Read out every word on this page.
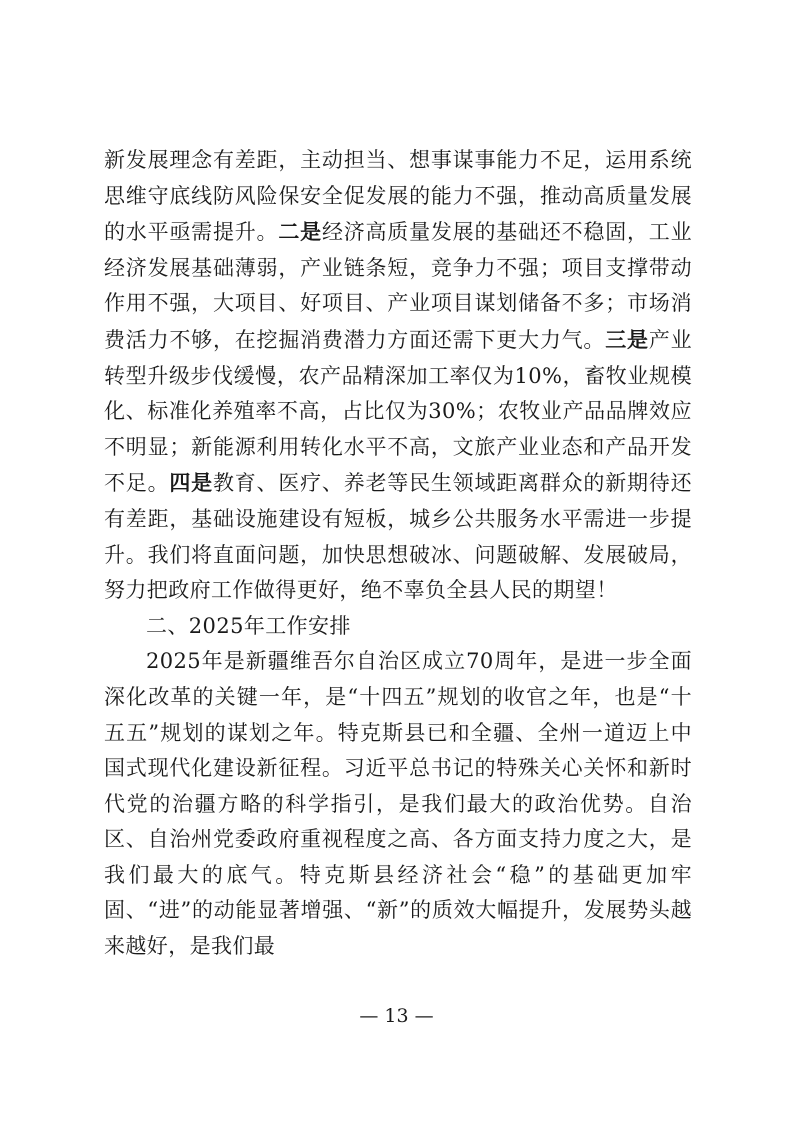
新发展理念有差距，主动担当、想事谋事能力不足，运用系统思维守底线防风险保安全促发展的能力不强，推动高质量发展的水平亟需提升。二是经济高质量发展的基础还不稳固，工业经济发展基础薄弱，产业链条短，竞争力不强；项目支撑带动作用不强，大项目、好项目、产业项目谋划储备不多；市场消费活力不够，在挖掘消费潜力方面还需下更大力气。三是产业转型升级步伐缓慢，农产品精深加工率仅为10%，畜牧业规模化、标准化养殖率不高，占比仅为30%；农牧业产品品牌效应不明显；新能源利用转化水平不高，文旅产业业态和产品开发不足。四是教育、医疗、养老等民生领域距离群众的新期待还有差距，基础设施建设有短板，城乡公共服务水平需进一步提升。我们将直面问题，加快思想破冰、问题破解、发展破局，努力把政府工作做得更好，绝不辜负全县人民的期望！

二、2025年工作安排

2025年是新疆维吾尔自治区成立70周年，是进一步全面深化改革的关键一年，是“十四五”规划的收官之年，也是“十五五”规划的谋划之年。特克斯县已和全疆、全州一道迈上中国式现代化建设新征程。习近平总书记的特殊关心关怀和新时代党的治疆方略的科学指引，是我们最大的政治优势。自治区、自治州党委政府重视程度之高、各方面支持力度之大，是我们最大的底气。特克斯县经济社会“稳”的基础更加牢固、“进”的动能显著增强、“新”的质效大幅提升，发展势头越来越好，是我们最

— 13 —
